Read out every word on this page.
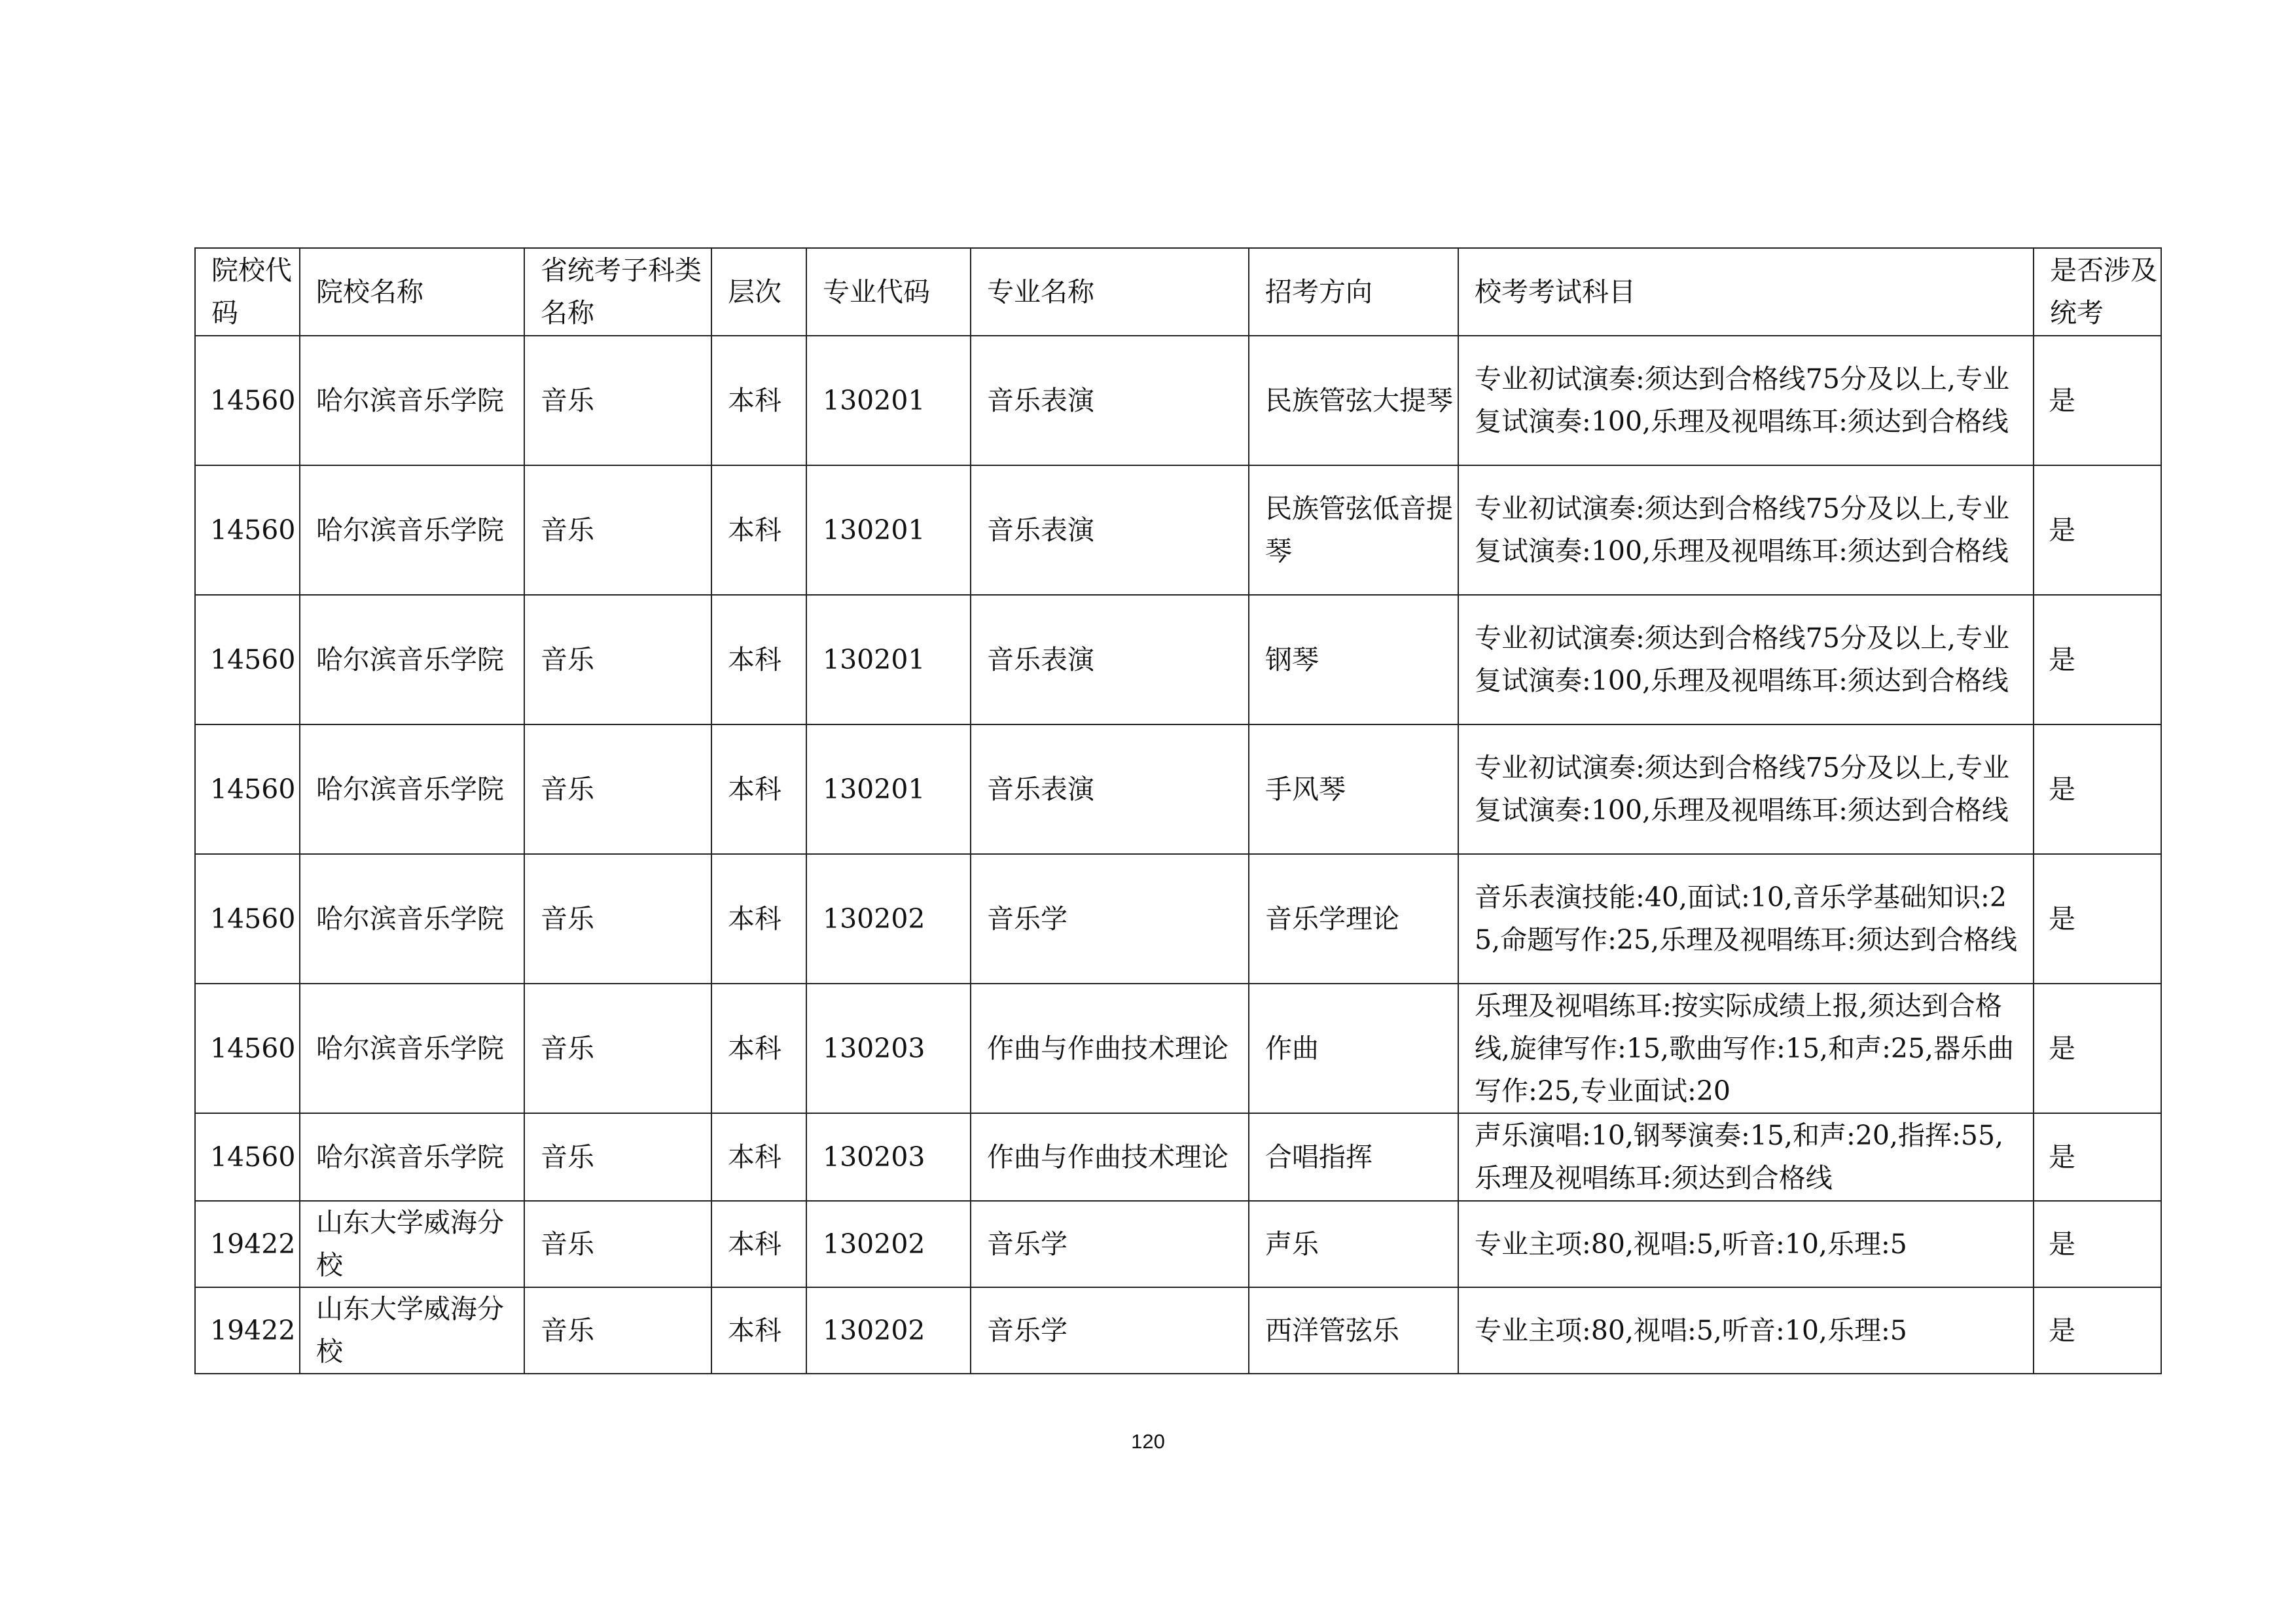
院校代码	院校名称	省统考子科类名称	层次	专业代码	专业名称	招考方向	校考考试科目	是否涉及统考
14560	哈尔滨音乐学院	音乐	本科	130201	音乐表演	民族管弦大提琴	专业初试演奏:须达到合格线75分及以上,专业复试演奏:100,乐理及视唱练耳:须达到合格线	是
14560	哈尔滨音乐学院	音乐	本科	130201	音乐表演	民族管弦低音提琴	专业初试演奏:须达到合格线75分及以上,专业复试演奏:100,乐理及视唱练耳:须达到合格线	是
14560	哈尔滨音乐学院	音乐	本科	130201	音乐表演	钢琴	专业初试演奏:须达到合格线75分及以上,专业复试演奏:100,乐理及视唱练耳:须达到合格线	是
14560	哈尔滨音乐学院	音乐	本科	130201	音乐表演	手风琴	专业初试演奏:须达到合格线75分及以上,专业复试演奏:100,乐理及视唱练耳:须达到合格线	是
14560	哈尔滨音乐学院	音乐	本科	130202	音乐学	音乐学理论	音乐表演技能:40,面试:10,音乐学基础知识:25,命题写作:25,乐理及视唱练耳:须达到合格线	是
14560	哈尔滨音乐学院	音乐	本科	130203	作曲与作曲技术理论	作曲	乐理及视唱练耳:按实际成绩上报,须达到合格线,旋律写作:15,歌曲写作:15,和声:25,器乐曲写作:25,专业面试:20	是
14560	哈尔滨音乐学院	音乐	本科	130203	作曲与作曲技术理论	合唱指挥	声乐演唱:10,钢琴演奏:15,和声:20,指挥:55,乐理及视唱练耳:须达到合格线	是
19422	山东大学威海分校	音乐	本科	130202	音乐学	声乐	专业主项:80,视唱:5,听音:10,乐理:5	是
19422	山东大学威海分校	音乐	本科	130202	音乐学	西洋管弦乐	专业主项:80,视唱:5,听音:10,乐理:5	是
120
